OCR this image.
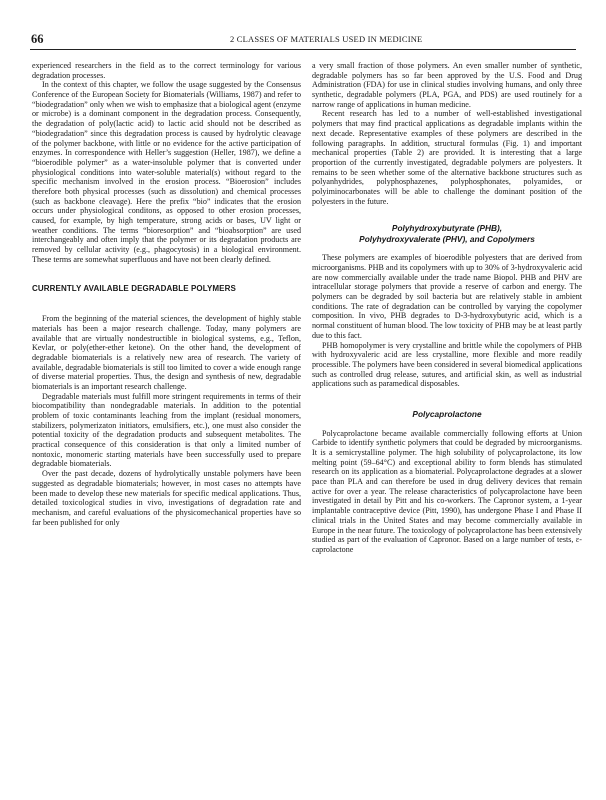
66	2 CLASSES OF MATERIALS USED IN MEDICINE

experienced researchers in the field as to the correct terminology for various degradation processes.

In the context of this chapter, we follow the usage suggested by the Consensus Conference of the European Society for Biomaterials (Williams, 1987) and refer to “biodegradation” only when we wish to emphasize that a biological agent (enzyme or microbe) is a dominant component in the degradation process. Consequently, the degradation of poly(lactic acid) to lactic acid should not be described as “biodegradation” since this degradation process is caused by hydrolytic cleavage of the polymer backbone, with little or no evidence for the active participation of enzymes. In correspondence with Heller’s suggestion (Heller, 1987), we define a “bioerodible polymer” as a water-insoluble polymer that is converted under physiological conditions into water-soluble material(s) without regard to the specific mechanism involved in the erosion process. “Bioerosion” includes therefore both physical processes (such as dissolution) and chemical processes (such as backbone cleavage). Here the prefix “bio” indicates that the erosion occurs under physiological conditons, as opposed to other erosion processes, caused, for example, by high temperature, strong acids or bases, UV light or weather conditions. The terms “bioresorption” and “bioabsorption” are used interchangeably and often imply that the polymer or its degradation products are removed by cellular activity (e.g., phagocytosis) in a biological environment. These terms are somewhat superfluous and have not been clearly defined.

CURRENTLY AVAILABLE DEGRADABLE POLYMERS

From the beginning of the material sciences, the development of highly stable materials has been a major research challenge. Today, many polymers are available that are virtually nondestructible in biological systems, e.g., Teflon, Kevlar, or poly(ether-ether ketone). On the other hand, the development of degradable biomaterials is a relatively new area of research. The variety of available, degradable biomaterials is still too limited to cover a wide enough range of diverse material properties. Thus, the design and synthesis of new, degradable biomaterials is an important research challenge.

Degradable materials must fulfill more stringent requirements in terms of their biocompatibility than nondegradable materials. In addition to the potential problem of toxic contaminants leaching from the implant (residual monomers, stabilizers, polymerizaton initiators, emulsifiers, etc.), one must also consider the potential toxicity of the degradation products and subsequent metabolites. The practical consequence of this consideration is that only a limited number of nontoxic, monomeric starting materials have been successfully used to prepare degradable biomaterials.

Over the past decade, dozens of hydrolytically unstable polymers have been suggested as degradable biomaterials; however, in most cases no attempts have been made to develop these new materials for specific medical applications. Thus, detailed toxicological studies in vivo, investigations of degradation rate and mechanism, and careful evaluations of the physicomechanical properties have so far been published for only

a very small fraction of those polymers. An even smaller number of synthetic, degradable polymers has so far been approved by the U.S. Food and Drug Administration (FDA) for use in clinical studies involving humans, and only three synthetic, degradable polymers (PLA, PGA, and PDS) are used routinely for a narrow range of applications in human medicine.

Recent research has led to a number of well-established investigational polymers that may find practical applications as degradable implants within the next decade. Representative examples of these polymers are described in the following paragraphs. In addition, structural formulas (Fig. 1) and important mechanical properties (Table 2) are provided. It is interesting that a large proportion of the currently investigated, degradable polymers are polyesters. It remains to be seen whether some of the alternative backbone structures such as polyanhydrides, polyphosphazenes, polyphosphonates, polyamides, or polyiminocarbonates will be able to challenge the dominant position of the polyesters in the future.

Polyhydroxybutyrate (PHB),
Polyhydroxyvalerate (PHV), and Copolymers

These polymers are examples of bioerodible polyesters that are derived from microorganisms. PHB and its copolymers with up to 30% of 3-hydroxyvaleric acid are now commercially available under the trade name Biopol. PHB and PHV are intracellular storage polymers that provide a reserve of carbon and energy. The polymers can be degraded by soil bacteria but are relatively stable in ambient conditions. The rate of degradation can be controlled by varying the copolymer composition. In vivo, PHB degrades to D-3-hydroxybutyric acid, which is a normal constituent of human blood. The low toxicity of PHB may be at least partly due to this fact.

PHB homopolymer is very crystalline and brittle while the copolymers of PHB with hydroxyvaleric acid are less crystalline, more flexible and more readily processible. The polymers have been considered in several biomedical applications such as controlled drug release, sutures, and artificial skin, as well as industrial applications such as paramedical disposables.

Polycaprolactone

Polycaprolactone became available commercially following efforts at Union Carbide to identify synthetic polymers that could be degraded by microorganisms. It is a semicrystalline polymer. The high solubility of polycaprolactone, its low melting point (59–64°C) and exceptional ability to form blends has stimulated research on its application as a biomaterial. Polycaprolactone degrades at a slower pace than PLA and can therefore be used in drug delivery devices that remain active for over a year. The release characteristics of polycaprolactone have been investigated in detail by Pitt and his co-workers. The Capronor system, a 1-year implantable contraceptive device (Pitt, 1990), has undergone Phase I and Phase II clinical trials in the United States and may become commercially available in Europe in the near future. The toxicology of polycaprolactone has been extensively studied as part of the evaluation of Capronor. Based on a large number of tests, ε-caprolactone
